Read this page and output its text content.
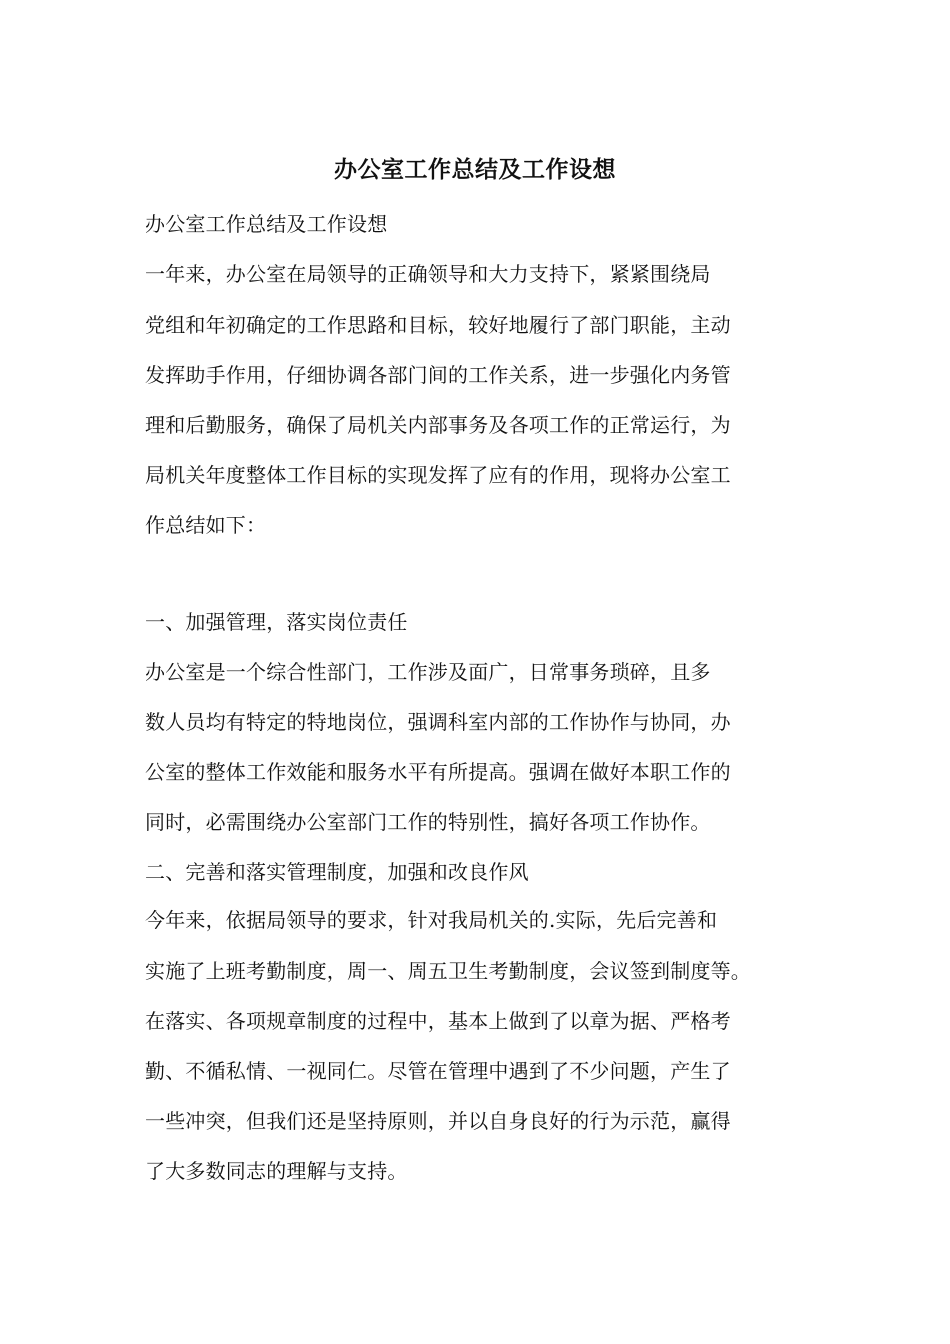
办公室工作总结及工作设想
办公室工作总结及工作设想
一年来，办公室在局领导的正确领导和大力支持下，紧紧围绕局
党组和年初确定的工作思路和目标，较好地履行了部门职能，主动
发挥助手作用，仔细协调各部门间的工作关系，进一步强化内务管
理和后勤服务，确保了局机关内部事务及各项工作的正常运行，为
局机关年度整体工作目标的实现发挥了应有的作用，现将办公室工
作总结如下：
一、加强管理，落实岗位责任
办公室是一个综合性部门，工作涉及面广，日常事务琐碎，且多
数人员均有特定的特地岗位，强调科室内部的工作协作与协同，办
公室的整体工作效能和服务水平有所提高。强调在做好本职工作的
同时，必需围绕办公室部门工作的特别性，搞好各项工作协作。
二、完善和落实管理制度，加强和改良作风
今年来，依据局领导的要求，针对我局机关的.实际，先后完善和
实施了上班考勤制度，周一、周五卫生考勤制度，会议签到制度等。
在落实、各项规章制度的过程中，基本上做到了以章为据、严格考
勤、不循私情、一视同仁。尽管在管理中遇到了不少问题，产生了
一些冲突，但我们还是坚持原则，并以自身良好的行为示范，赢得
了大多数同志的理解与支持。
